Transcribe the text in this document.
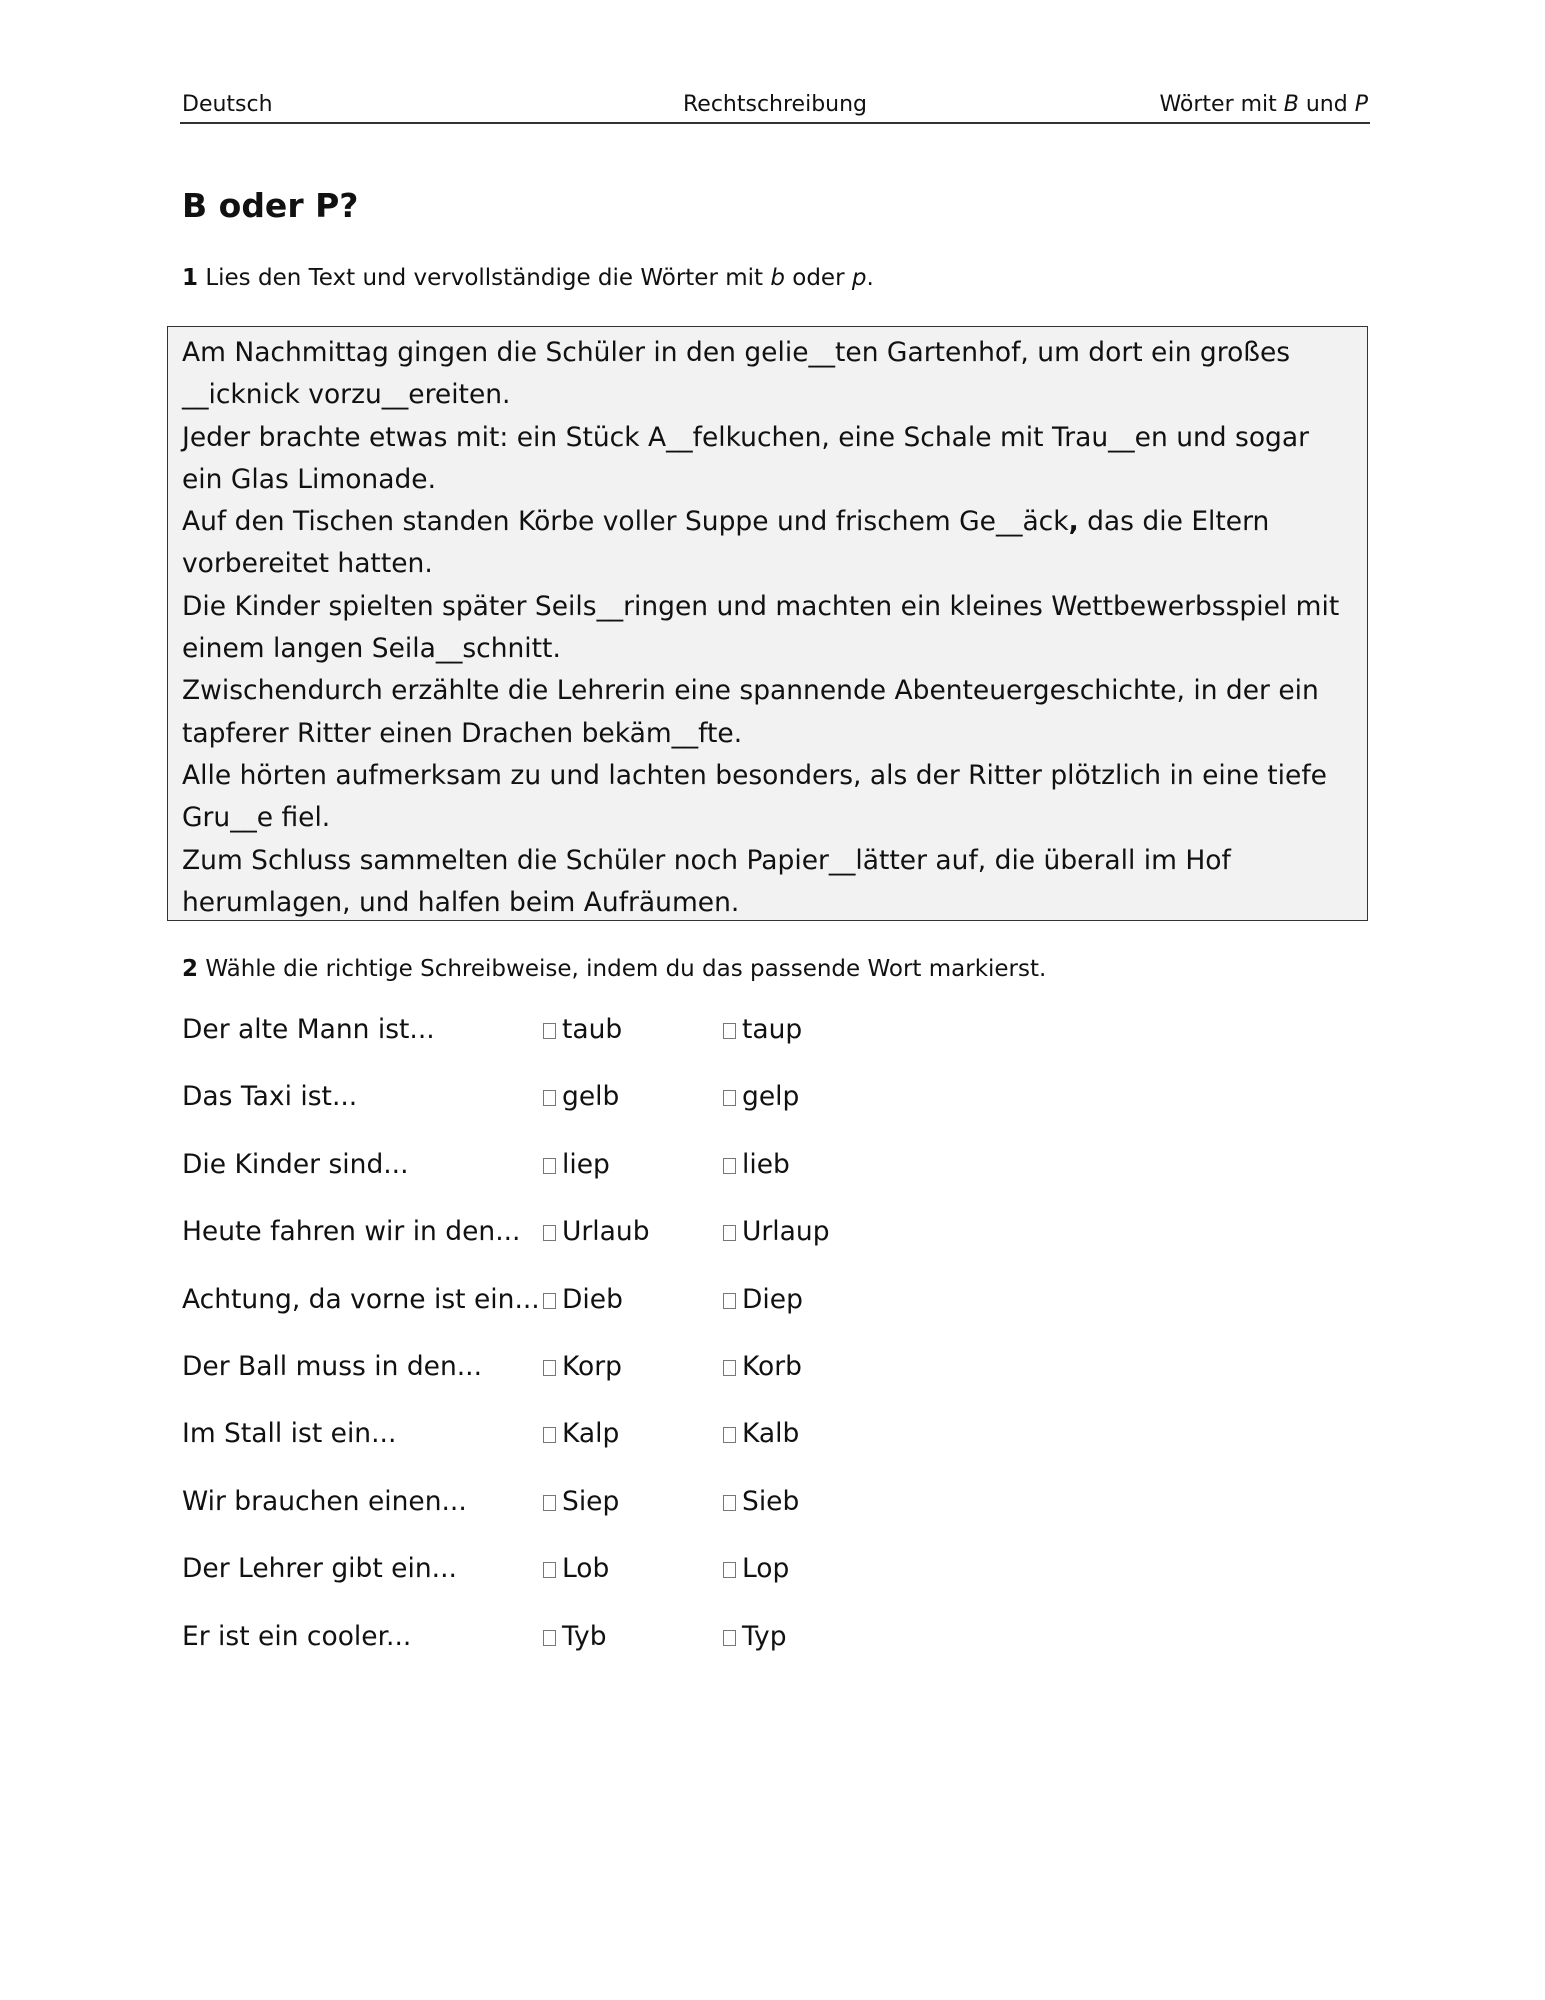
Deutsch	Rechtschreibung	Wörter mit B und P
B oder P?
1 Lies den Text und vervollständige die Wörter mit b oder p.
Am Nachmittag gingen die Schüler in den gelie__ten Gartenhof, um dort ein großes __icknick vorzu__ereiten.
Jeder brachte etwas mit: ein Stück A__felkuchen, eine Schale mit Trau__en und sogar ein Glas Limonade.
Auf den Tischen standen Körbe voller Suppe und frischem Ge__äck, das die Eltern vorbereitet hatten.
Die Kinder spielten später Seils__ringen und machten ein kleines Wettbewerbsspiel mit einem langen Seila__schnitt.
Zwischendurch erzählte die Lehrerin eine spannende Abenteuergeschichte, in der ein tapferer Ritter einen Drachen bekäm__fte.
Alle hörten aufmerksam zu und lachten besonders, als der Ritter plötzlich in eine tiefe Gru__e fiel.
Zum Schluss sammelten die Schüler noch Papier__lätter auf, die überall im Hof herumlagen, und halfen beim Aufräumen.
2 Wähle die richtige Schreibweise, indem du das passende Wort markierst.
Der alte Mann ist...	taub	taup
Das Taxi ist...	gelb	gelp
Die Kinder sind...	liep	lieb
Heute fahren wir in den...	Urlaub	Urlaup
Achtung, da vorne ist ein... Dieb	Diep
Der Ball muss in den...	Korp	Korb
Im Stall ist ein...	Kalp	Kalb
Wir brauchen einen...	Siep	Sieb
Der Lehrer gibt ein...	Lob	Lop
Er ist ein cooler...	Tyb	Typ
